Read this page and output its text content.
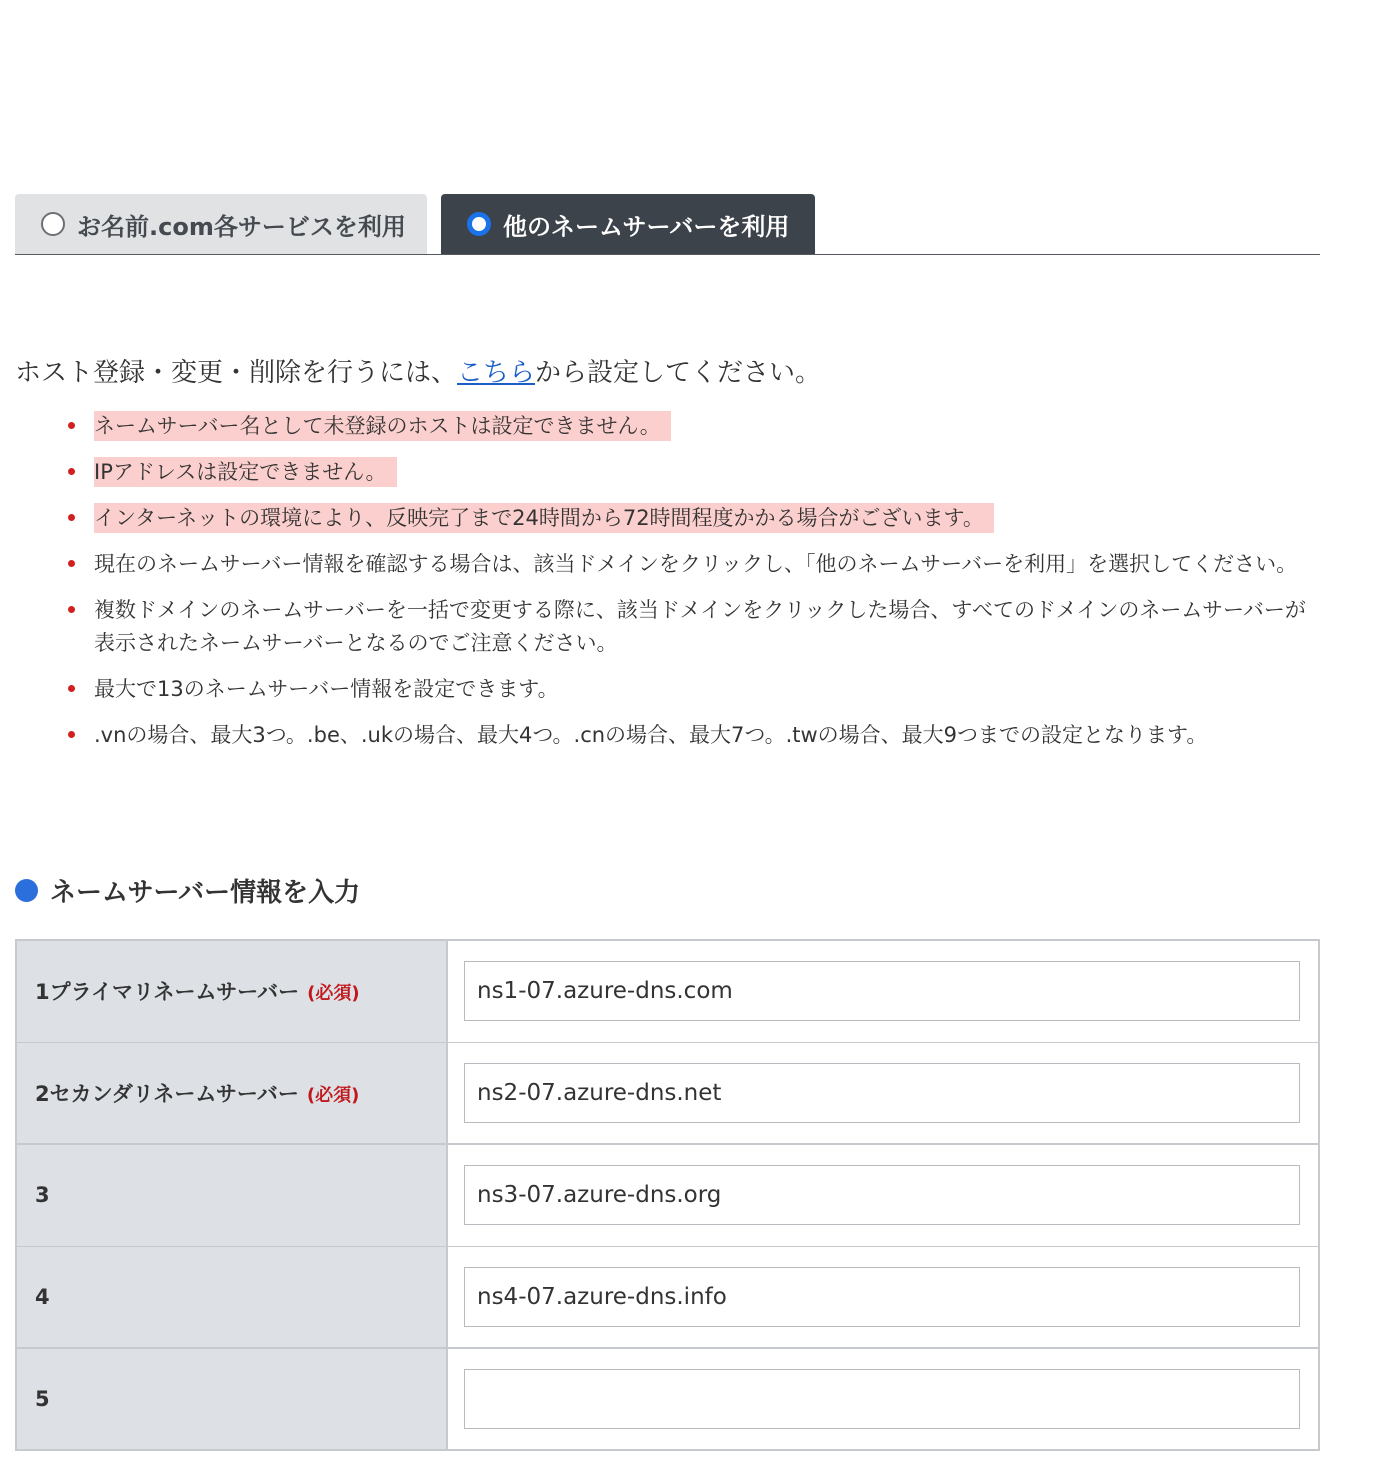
お名前.com各サービスを利用	他のネームサーバーを利用

ホスト登録・変更・削除を行うには、こちらから設定してください。

ネームサーバー名として未登録のホストは設定できません。
IPアドレスは設定できません。
インターネットの環境により、反映完了まで24時間から72時間程度かかる場合がございます。
現在のネームサーバー情報を確認する場合は、該当ドメインをクリックし、「他のネームサーバーを利用」を選択してください。
複数ドメインのネームサーバーを一括で変更する際に、該当ドメインをクリックした場合、すべてのドメインのネームサーバーが表示されたネームサーバーとなるのでご注意ください。
最大で13のネームサーバー情報を設定できます。
.vnの場合、最大3つ。.be、.ukの場合、最大4つ。.cnの場合、最大7つ。.twの場合、最大9つまでの設定となります。
ネームサーバー情報を入力
1プライマリネームサーバー (必須)	ns1-07.azure-dns.com
2セカンダリネームサーバー (必須)	ns2-07.azure-dns.net
3	ns3-07.azure-dns.org
4	ns4-07.azure-dns.info
5	
